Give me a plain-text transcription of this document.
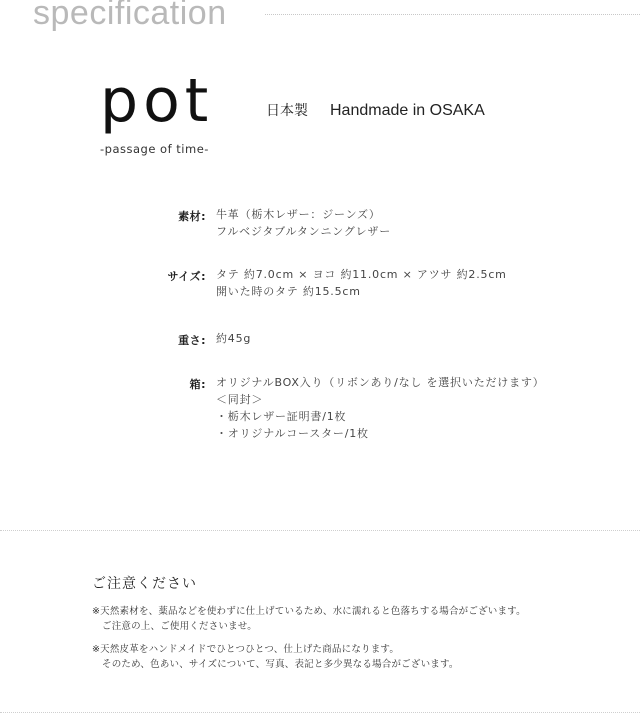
specification
pot
-passage of time-
日本製 Handmade in OSAKA
素材: 牛革（栃木レザー：ジーンズ）
フルベジタブルタンニングレザー
サイズ: タテ 約7.0cm × ヨコ 約11.0cm × アツサ 約2.5cm
開いた時のタテ 約15.5cm
重さ: 約45g
箱: オリジナルBOX入り（リボンあり/なし を選択いただけます）
＜同封＞
・栃木レザー証明書/1枚
・オリジナルコースター/1枚
ご注意ください
※天然素材を、薬品などを使わずに仕上げているため、水に濡れると色落ちする場合がございます。
ご注意の上、ご使用くださいませ。
※天然皮革をハンドメイドでひとつひとつ、仕上げた商品になります。
そのため、色あい、サイズについて、写真、表記と多少異なる場合がございます。
